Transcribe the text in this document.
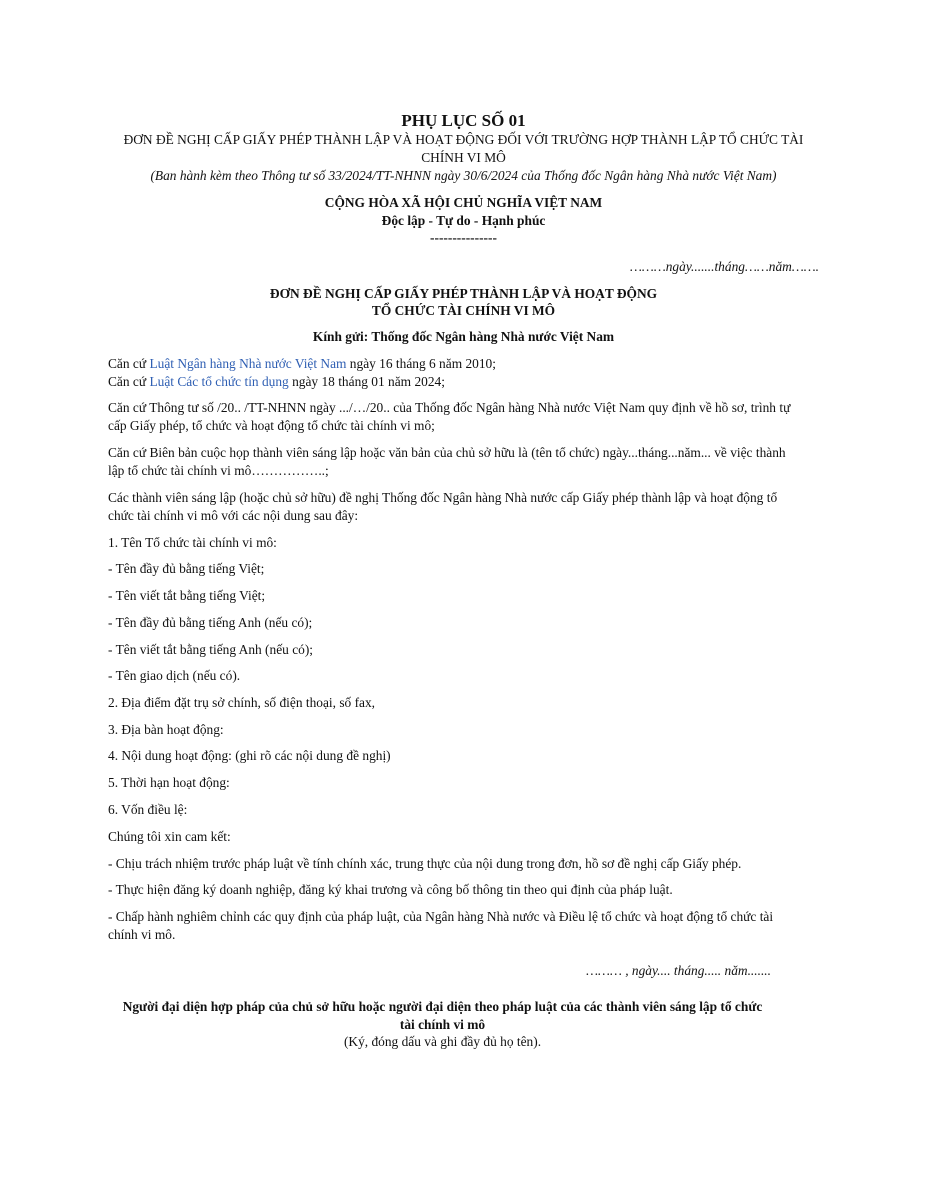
PHỤ LỤC SỐ 01
ĐƠN ĐỀ NGHỊ CẤP GIẤY PHÉP THÀNH LẬP VÀ HOẠT ĐỘNG ĐỐI VỚI TRƯỜNG HỢP THÀNH LẬP TỔ CHỨC TÀI
CHÍNH VI MÔ
(Ban hành kèm theo Thông tư số 33/2024/TT-NHNN ngày 30/6/2024 của Thống đốc Ngân hàng Nhà nước Việt Nam)
CỘNG HÒA XÃ HỘI CHỦ NGHĨA VIỆT NAM
Độc lập - Tự do - Hạnh phúc
---------------
………ngày.......tháng……năm…….
ĐƠN ĐỀ NGHỊ CẤP GIẤY PHÉP THÀNH LẬP VÀ HOẠT ĐỘNG
TỔ CHỨC TÀI CHÍNH VI MÔ
Kính gửi: Thống đốc Ngân hàng Nhà nước Việt Nam
Căn cứ Luật Ngân hàng Nhà nước Việt Nam ngày 16 tháng 6 năm 2010;
Căn cứ Luật Các tổ chức tín dụng ngày 18 tháng 01 năm 2024;
Căn cứ Thông tư số /20.. /TT-NHNN ngày .../…/20.. của Thống đốc Ngân hàng Nhà nước Việt Nam quy định về hồ sơ, trình tự
cấp Giấy phép, tổ chức và hoạt động tổ chức tài chính vi mô;
Căn cứ Biên bản cuộc họp thành viên sáng lập hoặc văn bản của chủ sở hữu là (tên tổ chức) ngày...tháng...năm... về việc thành
lập tổ chức tài chính vi mô……………..;
Các thành viên sáng lập (hoặc chủ sở hữu) đề nghị Thống đốc Ngân hàng Nhà nước cấp Giấy phép thành lập và hoạt động tổ
chức tài chính vi mô với các nội dung sau đây:
1. Tên Tổ chức tài chính vi mô:
- Tên đầy đủ bằng tiếng Việt;
- Tên viết tắt bằng tiếng Việt;
- Tên đầy đủ bằng tiếng Anh (nếu có);
- Tên viết tắt bằng tiếng Anh (nếu có);
- Tên giao dịch (nếu có).
2. Địa điểm đặt trụ sở chính, số điện thoại, số fax,
3. Địa bàn hoạt động:
4. Nội dung hoạt động: (ghi rõ các nội dung đề nghị)
5. Thời hạn hoạt động:
6. Vốn điều lệ:
Chúng tôi xin cam kết:
- Chịu trách nhiệm trước pháp luật về tính chính xác, trung thực của nội dung trong đơn, hồ sơ đề nghị cấp Giấy phép.
- Thực hiện đăng ký doanh nghiệp, đăng ký khai trương và công bố thông tin theo qui định của pháp luật.
- Chấp hành nghiêm chỉnh các quy định của pháp luật, của Ngân hàng Nhà nước và Điều lệ tổ chức và hoạt động tổ chức tài
chính vi mô.
……… , ngày.... tháng..... năm.......
Người đại diện hợp pháp của chủ sở hữu hoặc người đại diện theo pháp luật của các thành viên sáng lập tổ chức
tài chính vi mô
(Ký, đóng dấu và ghi đầy đủ họ tên).
